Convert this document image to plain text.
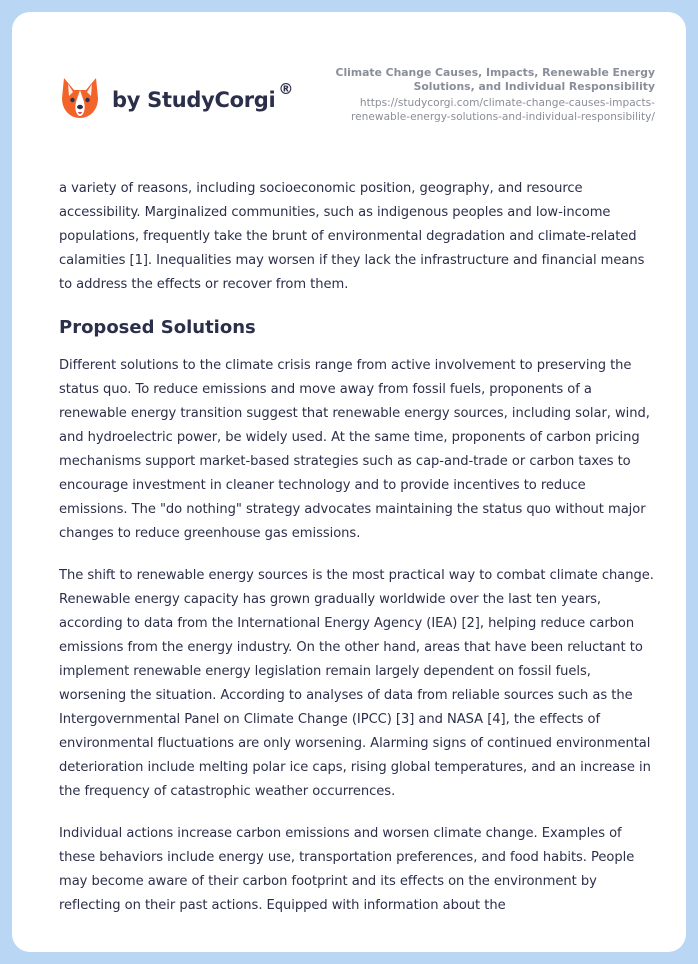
by StudyCorgi ®
Climate Change Causes, Impacts, Renewable Energy Solutions, and Individual Responsibility
https://studycorgi.com/climate-change-causes-impacts-renewable-energy-solutions-and-individual-responsibility/

a variety of reasons, including socioeconomic position, geography, and resource accessibility. Marginalized communities, such as indigenous peoples and low-income populations, frequently take the brunt of environmental degradation and climate-related calamities [1]. Inequalities may worsen if they lack the infrastructure and financial means to address the effects or recover from them.

Proposed Solutions

Different solutions to the climate crisis range from active involvement to preserving the status quo. To reduce emissions and move away from fossil fuels, proponents of a renewable energy transition suggest that renewable energy sources, including solar, wind, and hydroelectric power, be widely used. At the same time, proponents of carbon pricing mechanisms support market-based strategies such as cap-and-trade or carbon taxes to encourage investment in cleaner technology and to provide incentives to reduce emissions. The "do nothing" strategy advocates maintaining the status quo without major changes to reduce greenhouse gas emissions.

The shift to renewable energy sources is the most practical way to combat climate change. Renewable energy capacity has grown gradually worldwide over the last ten years, according to data from the International Energy Agency (IEA) [2], helping reduce carbon emissions from the energy industry. On the other hand, areas that have been reluctant to implement renewable energy legislation remain largely dependent on fossil fuels, worsening the situation. According to analyses of data from reliable sources such as the Intergovernmental Panel on Climate Change (IPCC) [3] and NASA [4], the effects of environmental fluctuations are only worsening. Alarming signs of continued environmental deterioration include melting polar ice caps, rising global temperatures, and an increase in the frequency of catastrophic weather occurrences.

Individual actions increase carbon emissions and worsen climate change. Examples of these behaviors include energy use, transportation preferences, and food habits. People may become aware of their carbon footprint and its effects on the environment by reflecting on their past actions. Equipped with information about the
